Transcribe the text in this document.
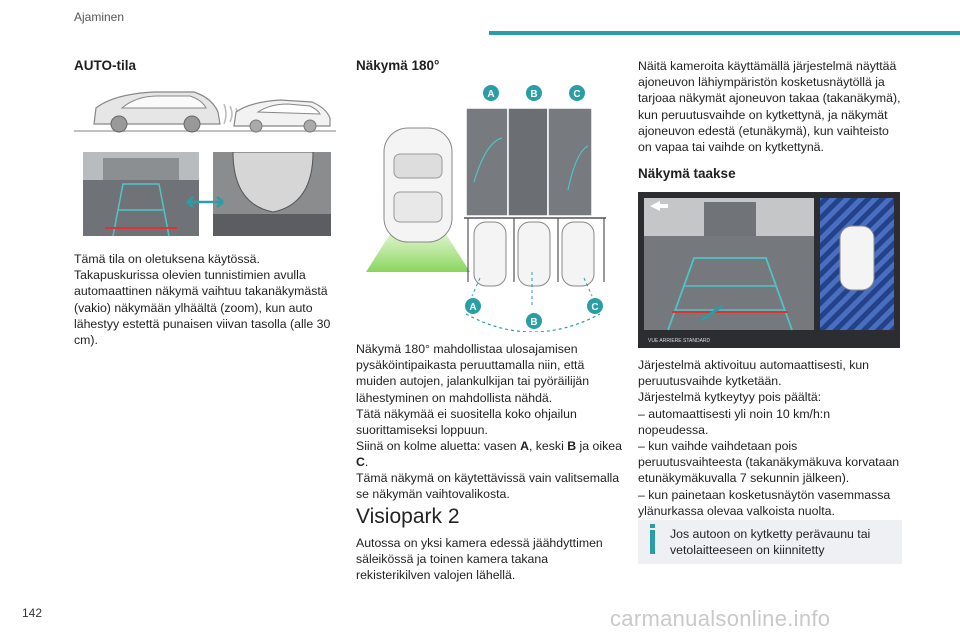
Ajaminen
AUTO-tila
Tämä tila on oletuksena käytössä.
Takapuskurissa olevien tunnistimien avulla
automaattinen näkymä vaihtuu takanäkymästä
(vakio) näkymään ylhäältä (zoom), kun auto
lähestyy estettä punaisen viivan tasolla (alle 30
cm).
Näkymä 180°
A	B	C
A
B
C
Näkymä 180° mahdollistaa ulosajamisen
pysäköintipaikasta peruuttamalla niin, että
muiden autojen, jalankulkijan tai pyöräilijän
lähestyminen on mahdollista nähdä.
Tätä näkymää ei suositella koko ohjailun
suorittamiseksi loppuun.
Siinä on kolme aluetta: vasen A, keski B ja oikea
C.
Tämä näkymä on käytettävissä vain valitsemalla
se näkymän vaihtovalikosta.
Visiopark 2
Autossa on yksi kamera edessä jäähdyttimen
säleikössä ja toinen kamera takana
rekisterikilven valojen lähellä.
Näitä kameroita käyttämällä järjestelmä näyttää
ajoneuvon lähiympäristön kosketusnäytöllä ja
tarjoaa näkymät ajoneuvon takaa (takanäkymä),
kun peruutusvaihde on kytkettynä, ja näkymät
ajoneuvon edestä (etunäkymä), kun vaihteisto
on vapaa tai vaihde on kytkettynä.
Näkymä taakse
VUE ARRIERE STANDARD
Järjestelmä aktivoituu automaattisesti, kun
peruutusvaihde kytketään.
Järjestelmä kytkeytyy pois päältä:
– automaattisesti yli noin 10 km/h:n
nopeudessa.
– kun vaihde vaihdetaan pois
peruutusvaihteesta (takanäkymäkuva korvataan
etunäkymäkuvalla 7 sekunnin jälkeen).
– kun painetaan kosketusnäytön vasemmassa
ylänurkassa olevaa valkoista nuolta.
Jos autoon on kytketty perävaunu tai
vetolaitteeseen on kiinnitetty
142	carmanualsonline.info
